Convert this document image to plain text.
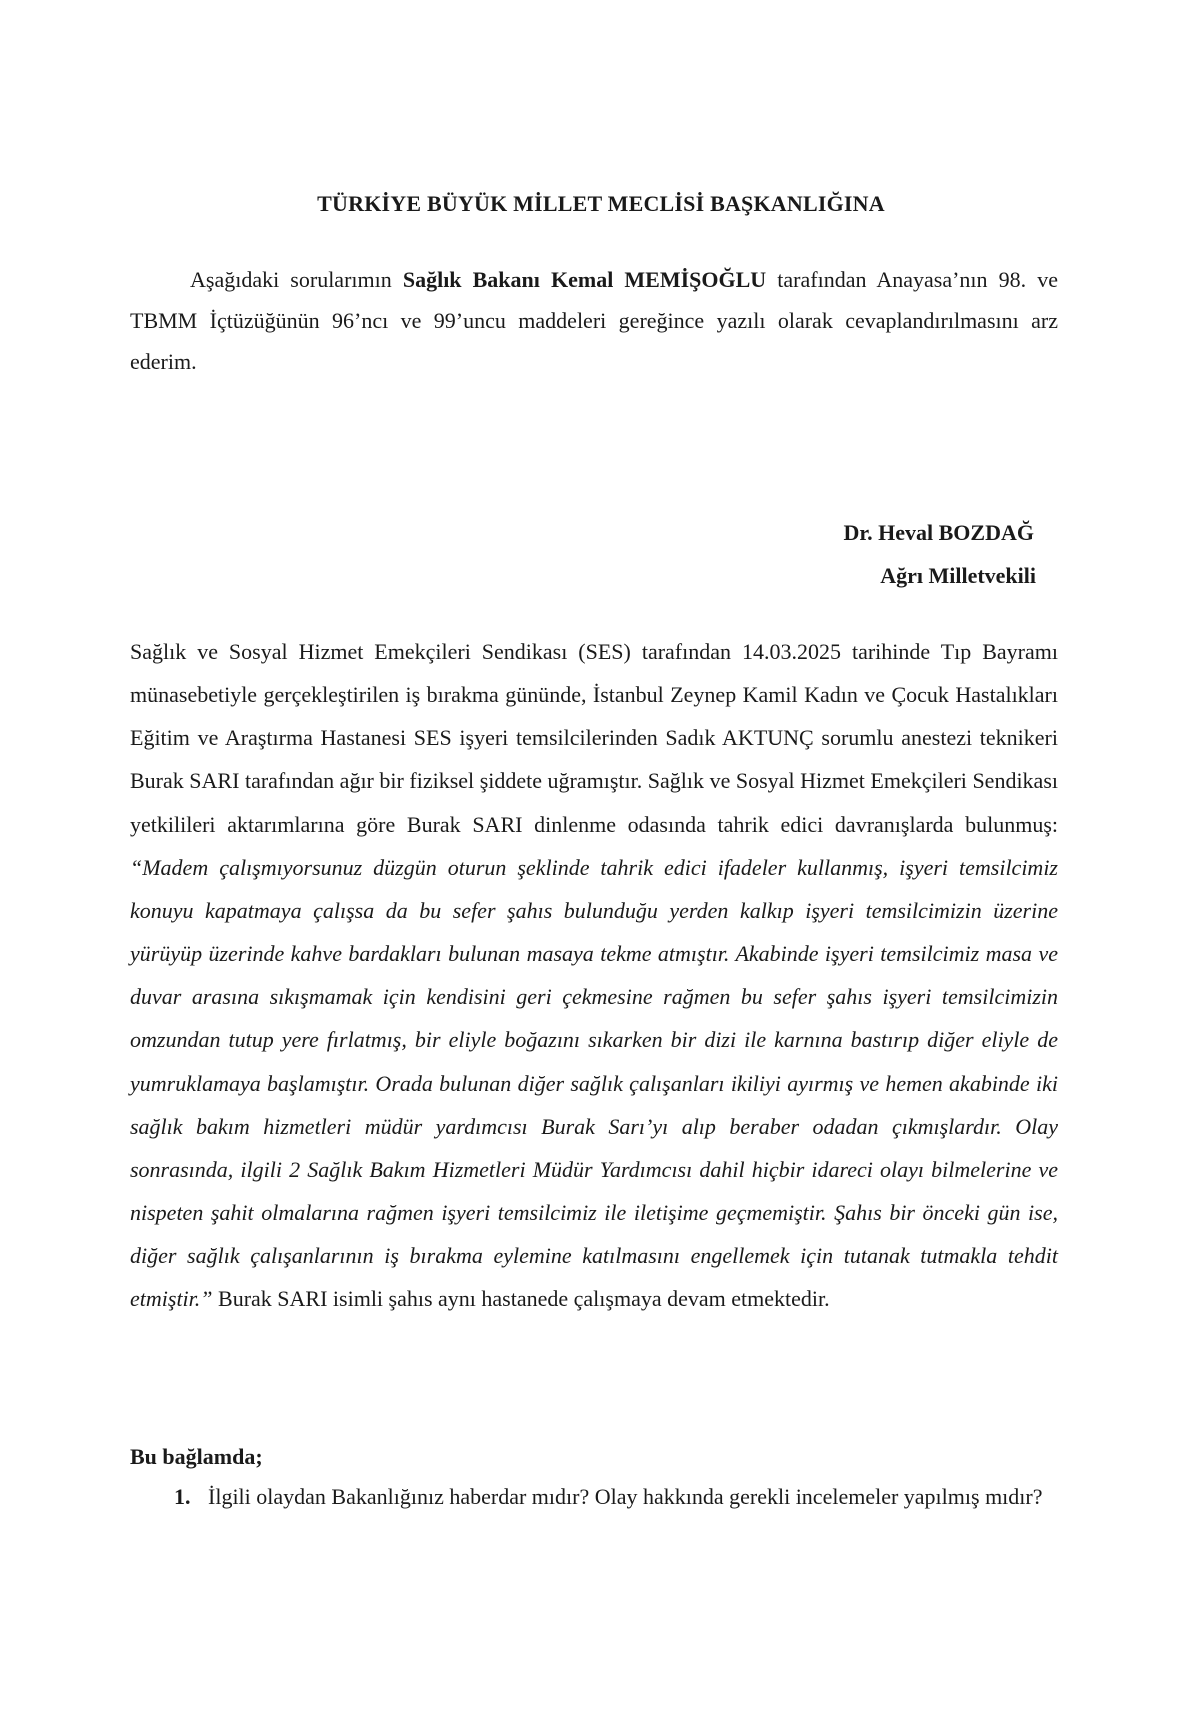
TÜRKİYE BÜYÜK MİLLET MECLİSİ BAŞKANLIĞINA

Aşağıdaki sorularımın Sağlık Bakanı Kemal MEMİŞOĞLU tarafından Anayasa’nın 98. ve TBMM İçtüzüğünün 96’ncı ve 99’uncu maddeleri gereğince yazılı olarak cevaplandırılmasını arz ederim.

Dr. Heval BOZDAĞ
Ağrı Milletvekili

Sağlık ve Sosyal Hizmet Emekçileri Sendikası (SES) tarafından 14.03.2025 tarihinde Tıp Bayramı münasebetiyle gerçekleştirilen iş bırakma gününde, İstanbul Zeynep Kamil Kadın ve Çocuk Hastalıkları Eğitim ve Araştırma Hastanesi SES işyeri temsilcilerinden Sadık AKTUNÇ sorumlu anestezi teknikeri Burak SARI tarafından ağır bir fiziksel şiddete uğramıştır. Sağlık ve Sosyal Hizmet Emekçileri Sendikası yetkilileri aktarımlarına göre Burak SARI dinlenme odasında tahrik edici davranışlarda bulunmuş: “Madem çalışmıyorsunuz düzgün oturun şeklinde tahrik edici ifadeler kullanmış, işyeri temsilcimiz konuyu kapatmaya çalışsa da bu sefer şahıs bulunduğu yerden kalkıp işyeri temsilcimizin üzerine yürüyüp üzerinde kahve bardakları bulunan masaya tekme atmıştır. Akabinde işyeri temsilcimiz masa ve duvar arasına sıkışmamak için kendisini geri çekmesine rağmen bu sefer şahıs işyeri temsilcimizin omzundan tutup yere fırlatmış, bir eliyle boğazını sıkarken bir dizi ile karnına bastırıp diğer eliyle de yumruklamaya başlamıştır. Orada bulunan diğer sağlık çalışanları ikiliyi ayırmış ve hemen akabinde iki sağlık bakım hizmetleri müdür yardımcısı Burak Sarı’yı alıp beraber odadan çıkmışlardır. Olay sonrasında, ilgili 2 Sağlık Bakım Hizmetleri Müdür Yardımcısı dahil hiçbir idareci olayı bilmelerine ve nispeten şahit olmalarına rağmen işyeri temsilcimiz ile iletişime geçmemiştir. Şahıs bir önceki gün ise, diğer sağlık çalışanlarının iş bırakma eylemine katılmasını engellemek için tutanak tutmakla tehdit etmiştir.” Burak SARI isimli şahıs aynı hastanede çalışmaya devam etmektedir.

Bu bağlamda;
1. İlgili olaydan Bakanlığınız haberdar mıdır? Olay hakkında gerekli incelemeler yapılmış mıdır?
